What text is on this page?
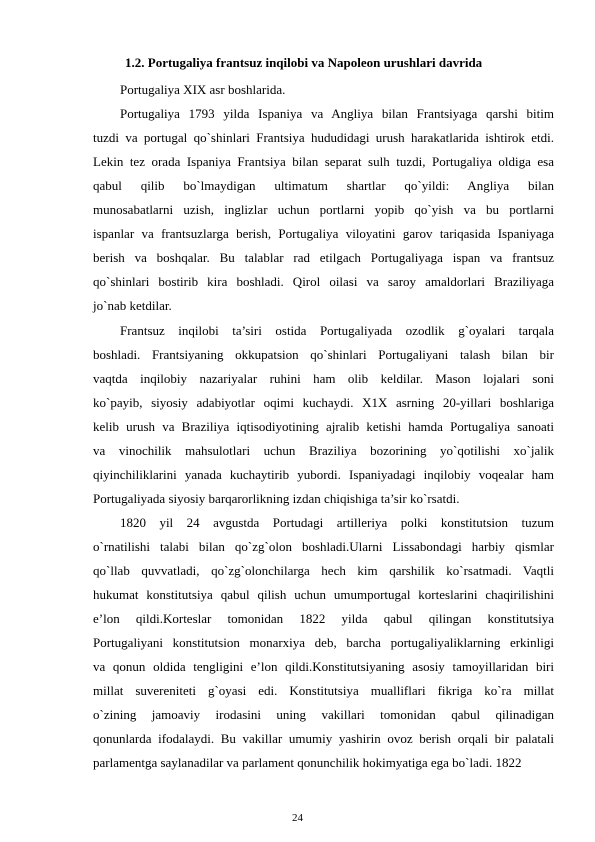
1.2. Portugaliya frantsuz inqilobi va Napoleon urushlari davrida
Portugaliya XIX asr boshlarida.
Portugaliya 1793 yilda Ispaniya va Angliya bilan Frantsiyaga qarshi bitim
tuzdi va portugal qo`shinlari Frantsiya hududidagi urush harakatlarida ishtirok etdi.
Lekin tez orada Ispaniya Frantsiya bilan separat sulh tuzdi, Portugaliya oldiga esa
qabul qilib bo`lmaydigan ultimatum shartlar qo`yildi: Angliya bilan
munosabatlarni uzish, inglizlar uchun portlarni yopib qo`yish va bu portlarni
ispanlar va frantsuzlarga berish, Portugaliya viloyatini garov tariqasida Ispaniyaga
berish va boshqalar. Bu talablar rad etilgach Portugaliyaga ispan va frantsuz
qo`shinlari bostirib kira boshladi. Qirol oilasi va saroy amaldorlari Braziliyaga
jo`nab ketdilar.
Frantsuz inqilobi ta’siri ostida Portugaliyada ozodlik g`oyalari tarqala
boshladi. Frantsiyaning okkupatsion qo`shinlari Portugaliyani talash bilan bir
vaqtda inqilobiy nazariyalar ruhini ham olib keldilar. Mason lojalari soni
ko`payib, siyosiy adabiyotlar oqimi kuchaydi. X1X asrning 20-yillari boshlariga
kelib urush va Braziliya iqtisodiyotining ajralib ketishi hamda Portugaliya sanoati
va vinochilik mahsulotlari uchun Braziliya bozorining yo`qotilishi xo`jalik
qiyinchiliklarini yanada kuchaytirib yubordi. Ispaniyadagi inqilobiy voqealar ham
Portugaliyada siyosiy barqarorlikning izdan chiqishiga ta’sir ko`rsatdi.
1820 yil 24 avgustda Portudagi artilleriya polki konstitutsion tuzum
o`rnatilishi talabi bilan qo`zg`olon boshladi.Ularni Lissabondagi harbiy qismlar
qo`llab quvvatladi, qo`zg`olonchilarga hech kim qarshilik ko`rsatmadi. Vaqtli
hukumat konstitutsiya qabul qilish uchun umumportugal korteslarini chaqirilishini
e’lon qildi.Korteslar tomonidan 1822 yilda qabul qilingan konstitutsiya
Portugaliyani konstitutsion monarxiya deb, barcha portugaliyaliklarning erkinligi
va qonun oldida tengligini e’lon qildi.Konstitutsiyaning asosiy tamoyillaridan biri
millat suvereniteti g`oyasi edi. Konstitutsiya mualliflari fikriga ko`ra millat
o`zining jamoaviy irodasini uning vakillari tomonidan qabul qilinadigan
qonunlarda ifodalaydi. Bu vakillar umumiy yashirin ovoz berish orqali bir palatali
parlamentga saylanadilar va parlament qonunchilik hokimyatiga ega bo`ladi. 1822
24
